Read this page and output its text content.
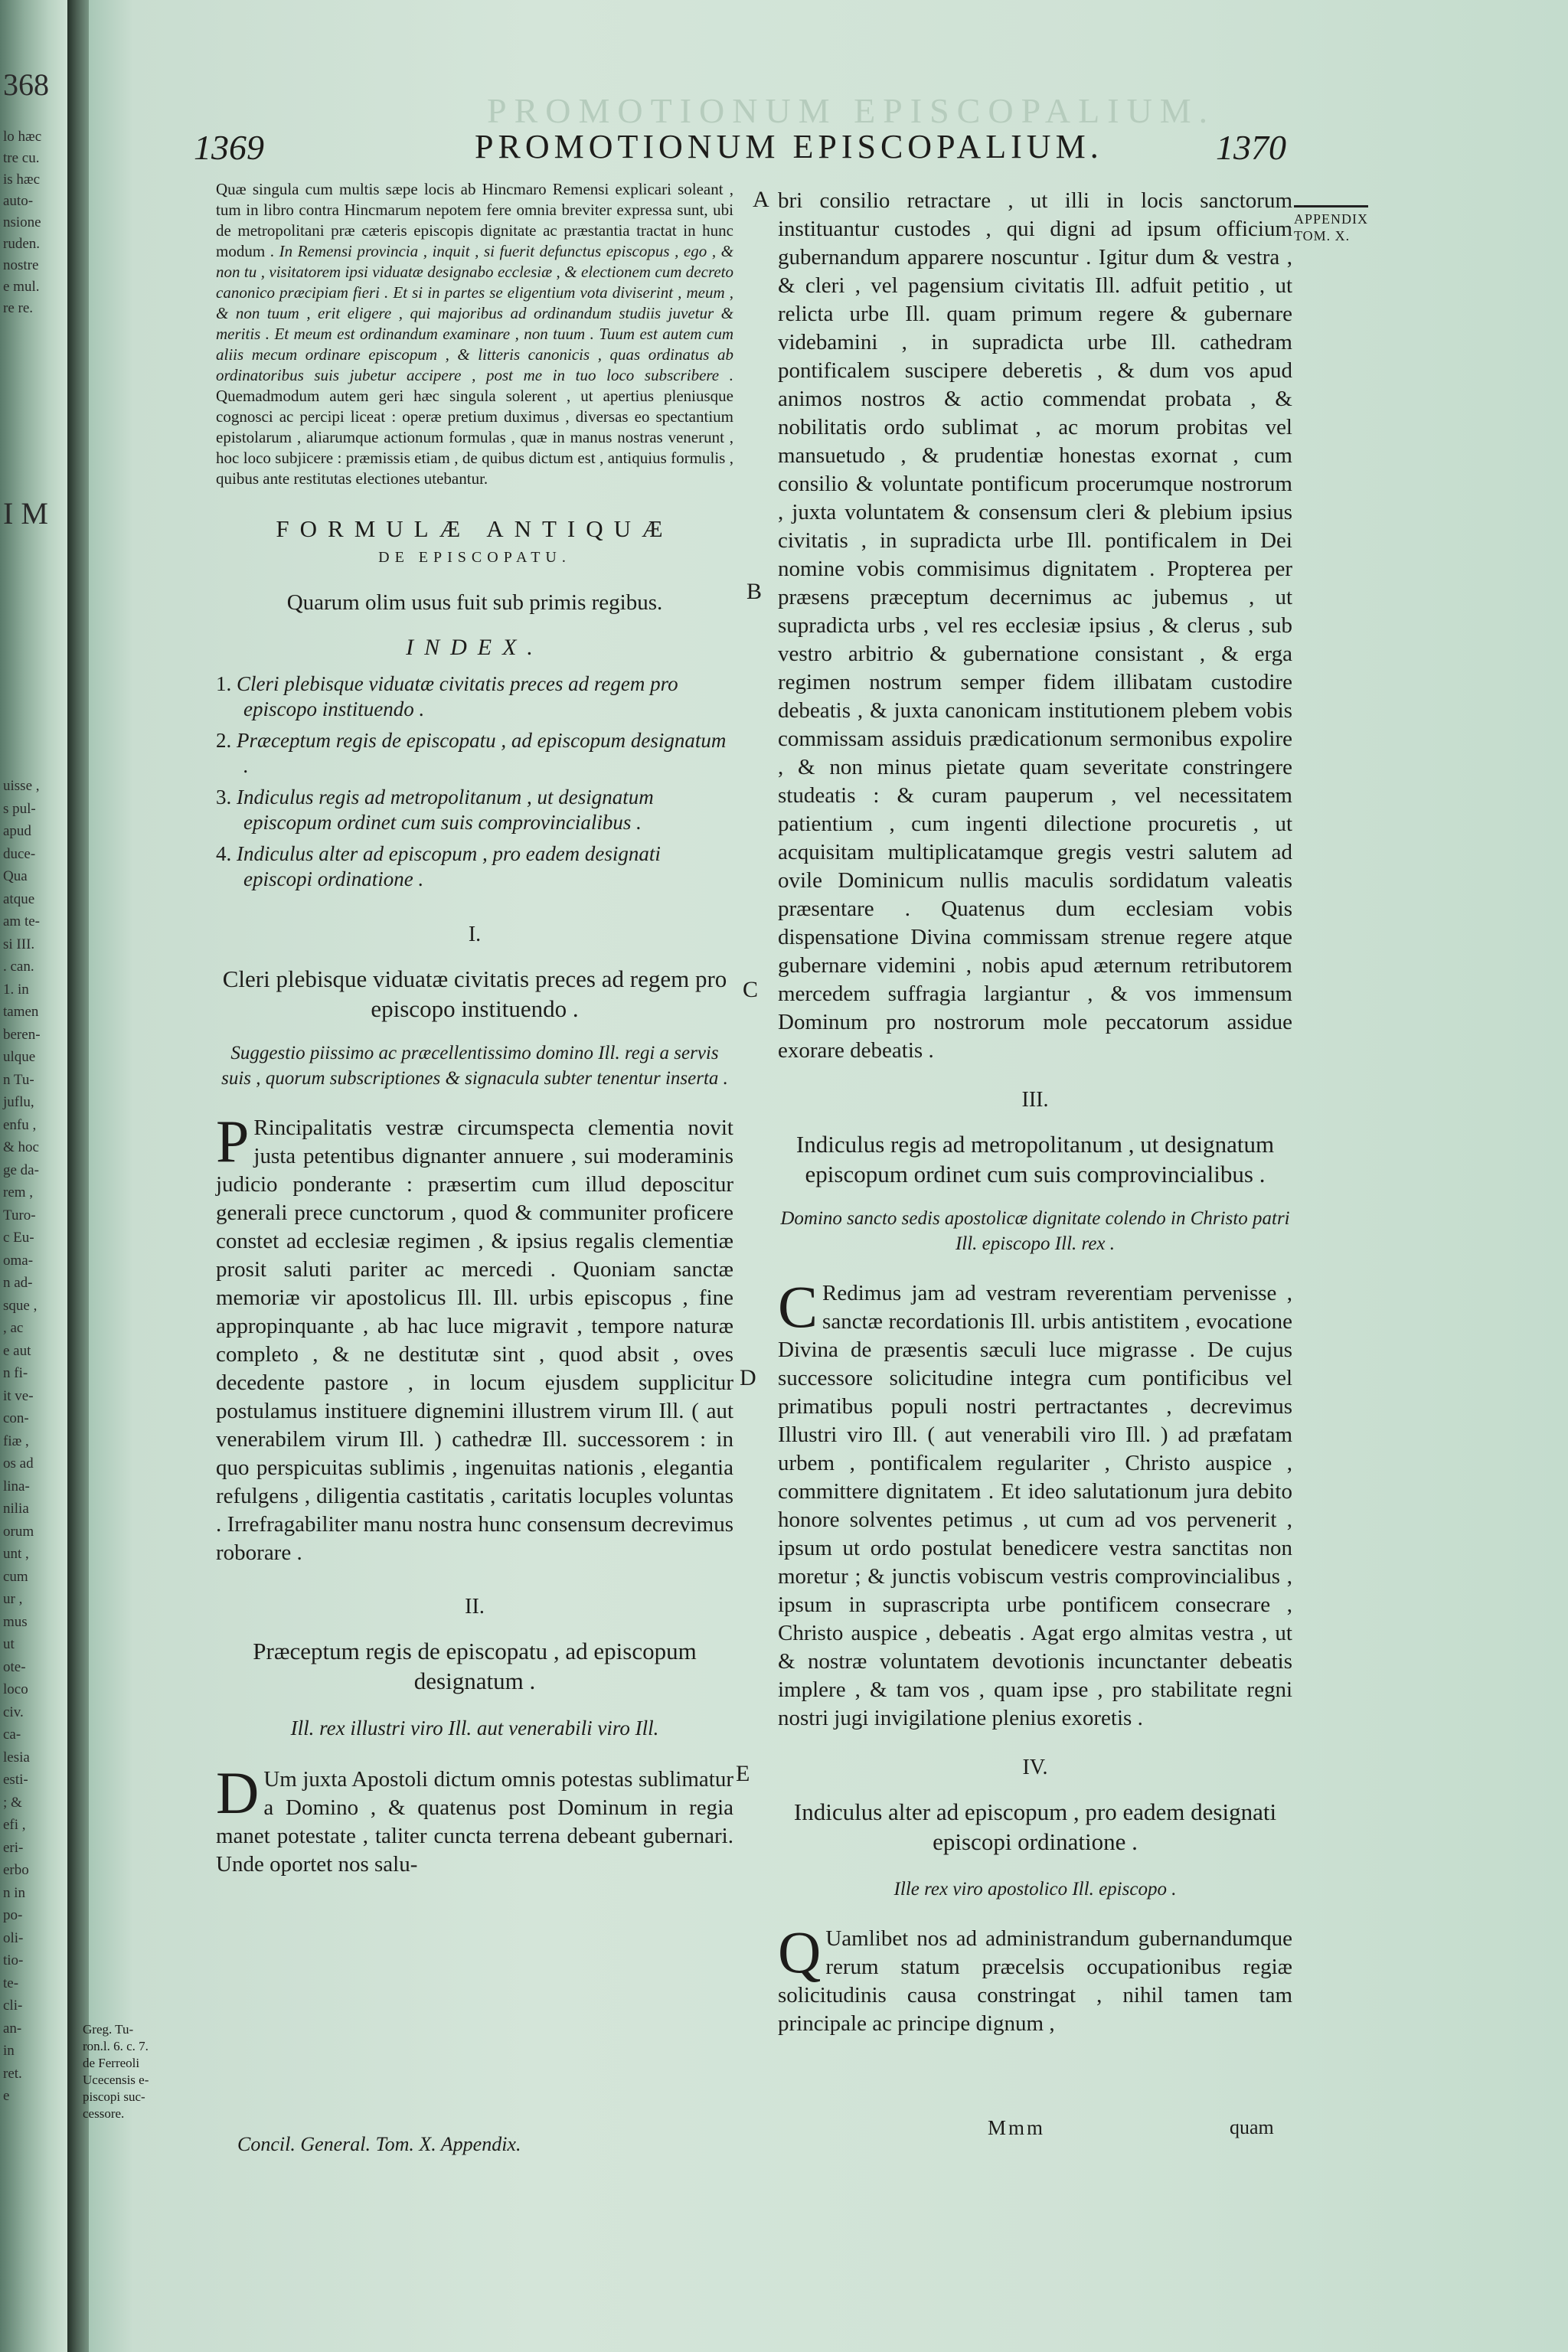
368
lo hæc
tre cu.
is hæc
auto-
nsione
ruden.
nostre
e mul.
re re.
I M
uisse ,
s pul-
apud
duce-
Qua
atque
am te-
si III.
. can.
1. in
tamen
beren-
ulque
n Tu-
juflu,
enfu ,
& hoc
ge da-
rem ,
Turo-
c Eu-
oma-
n ad-
sque ,
, ac
e aut
n fi-
it ve-
con-
fiæ ,
os ad
lina-
nilia
orum
unt ,
cum
ur ,
mus
ut
ote-
loco
civ.
ca-
lesia
esti-
; &
efi ,
eri-
erbo
n in
po-
oli-
tio-
te-
cli-
an-
in
ret.
e
PROMOTIONUM EPISCOPALIUM.
1369	PROMOTIONUM EPISCOPALIUM.	1370
APPENDIX
TOM. X.
A
B
C
D
E

Quæ singula cum multis sæpe locis ab Hincmaro Remensi explicari soleant , tum in libro contra Hincmarum nepotem fere omnia breviter expressa sunt, ubi de metropolitani præ cæteris episcopis dignitate ac præstantia tractat in hunc modum . In Remensi provincia , inquit , si fuerit defunctus episcopus , ego , & non tu , visitatorem ipsi viduatæ designabo ecclesiæ , & electionem cum decreto canonico præcipiam fieri . Et si in partes se eligentium vota diviserint , meum , & non tuum , erit eligere , qui majoribus ad ordinandum studiis juvetur & meritis . Et meum est ordinandum examinare , non tuum . Tuum est autem cum aliis mecum ordinare episcopum , & litteris canonicis , quas ordinatus ab ordinatoribus suis jubetur accipere , post me in tuo loco subscribere . Quemadmodum autem geri hæc singula solerent , ut apertius pleniusque cognosci ac percipi liceat : operæ pretium duximus , diversas eo spectantium epistolarum , aliarumque actionum formulas , quæ in manus nostras venerunt , hoc loco subjicere : præmissis etiam , de quibus dictum est , antiquius formulis , quibus ante restitutas electiones utebantur.

FORMULÆ ANTIQUÆ
DE EPISCOPATU.
Quarum olim usus fuit sub primis regibus.
INDEX.
1. Cleri plebisque viduatæ civitatis preces ad regem pro episcopo instituendo .
2. Præceptum regis de episcopatu , ad episcopum designatum .
3. Indiculus regis ad metropolitanum , ut designatum episcopum ordinet cum suis comprovincialibus .
4. Indiculus alter ad episcopum , pro eadem designati episcopi ordinatione .
I.
Cleri plebisque viduatæ civitatis preces ad regem pro episcopo instituendo .
Suggestio piissimo ac præcellentissimo domino Ill. regi a servis suis , quorum subscriptiones & signacula subter tenentur inserta .

P Rincipalitatis vestræ circumspecta clementia novit justa petentibus dignanter annuere , sui moderaminis judicio ponderante : præsertim cum illud deposcitur generali prece cunctorum , quod & communiter proficere constet ad ecclesiæ regimen , & ipsius regalis clementiæ prosit saluti pariter ac mercedi . Quoniam sanctæ memoriæ vir apostolicus Ill. Ill. urbis episcopus , fine appropinquante , ab hac luce migravit , tempore naturæ completo , & ne destitutæ sint , quod absit , oves decedente pastore , in locum ejusdem supplicitur postulamus instituere dignemini illustrem virum Ill. ( aut venerabilem virum Ill. ) cathedræ Ill. successorem : in quo perspicuitas sublimis , ingenuitas nationis , elegantia refulgens , diligentia castitatis , caritatis locuples voluntas . Irrefragabiliter manu nostra hunc consensum decrevimus roborare .

II.
Præceptum regis de episcopatu , ad episcopum designatum .
Ill. rex illustri viro Ill. aut venerabili viro Ill.

D Um juxta Apostoli dictum omnis potestas sublimatur a Domino , & quatenus post Dominum in regia manet potestate , taliter cuncta terrena debeant gubernari. Unde oportet nos salu-

Greg. Tu-
ron.l. 6. c. 7.
de Ferreoli
Ucecensis e-
piscopi suc-
cessore.
Concil. General. Tom. X. Appendix.

bri consilio retractare , ut illi in locis sanctorum instituantur custodes , qui digni ad ipsum officium gubernandum apparere noscuntur . Igitur dum & vestra , & cleri , vel pagensium civitatis Ill. adfuit petitio , ut relicta urbe Ill. quam primum regere & gubernare videbamini , in supradicta urbe Ill. cathedram pontificalem suscipere deberetis , & dum vos apud animos nostros & actio commendat probata , & nobilitatis ordo sublimat , ac morum probitas vel mansuetudo , & prudentiæ honestas exornat , cum consilio & voluntate pontificum procerumque nostrorum , juxta voluntatem & consensum cleri & plebium ipsius civitatis , in supradicta urbe Ill. pontificalem in Dei nomine vobis commisimus dignitatem . Propterea per præsens præceptum decernimus ac jubemus , ut supradicta urbs , vel res ecclesiæ ipsius , & clerus , sub vestro arbitrio & gubernatione consistant , & erga regimen nostrum semper fidem illibatam custodire debeatis , & juxta canonicam institutionem plebem vobis commissam assiduis prædicationum sermonibus expolire , & non minus pietate quam severitate constringere studeatis : & curam pauperum , vel necessitatem patientium , cum ingenti dilectione procuretis , ut acquisitam multiplicatamque gregis vestri salutem ad ovile Dominicum nullis maculis sordidatum valeatis præsentare . Quatenus dum ecclesiam vobis dispensatione Divina commissam strenue regere atque gubernare videmini , nobis apud æternum retributorem mercedem suffragia largiantur , & vos immensum Dominum pro nostrorum mole peccatorum assidue exorare debeatis .

III.
Indiculus regis ad metropolitanum , ut designatum episcopum ordinet cum suis comprovincialibus .
Domino sancto sedis apostolicæ dignitate colendo in Christo patri Ill. episcopo Ill. rex .

C Redimus jam ad vestram reverentiam pervenisse , sanctæ recordationis Ill. urbis antistitem , evocatione Divina de præsentis sæculi luce migrasse . De cujus successore solicitudine integra cum pontificibus vel primatibus populi nostri pertractantes , decrevimus Illustri viro Ill. ( aut venerabili viro Ill. ) ad præfatam urbem , pontificalem regulariter , Christo auspice , committere dignitatem . Et ideo salutationum jura debito honore solventes petimus , ut cum ad vos pervenerit , ipsum ut ordo postulat benedicere vestra sanctitas non moretur ; & junctis vobiscum vestris comprovincialibus , ipsum in suprascripta urbe pontificem consecrare , Christo auspice , debeatis . Agat ergo almitas vestra , ut & nostræ voluntatem devotionis incunctanter debeatis implere , & tam vos , quam ipse , pro stabilitate regni nostri jugi invigilatione plenius exoretis .

IV.
Indiculus alter ad episcopum , pro eadem designati episcopi ordinatione .
Ille rex viro apostolico Ill. episcopo .

Q Uamlibet nos ad administrandum gubernandumque rerum statum præcelsis occupationibus regiæ solicitudinis causa constringat , nihil tamen tam principale ac principe dignum ,

Mmm	quam
